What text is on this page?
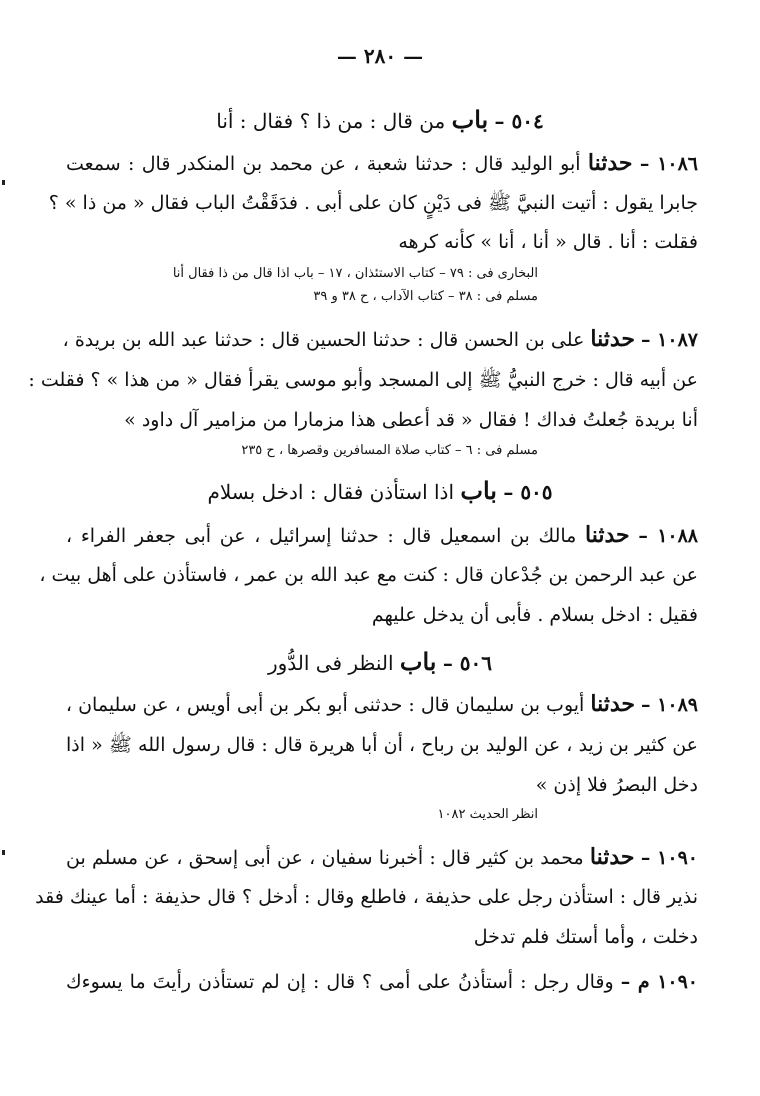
— ٢٨٠ —
٥٠٤ – باب من قال : من ذا ؟ فقال : أنا
١٠٨٦ – حدثنا أبو الوليد قال : حدثنا شعبة ، عن محمد بن المنكدر قال : سمعت
جابرا يقول : أتيت النبيَّ ﷺ فى دَيْنٍ كان على أبى . فدَقَقْتُ الباب فقال « من ذا » ؟
فقلت : أنا . قال « أنا ، أنا » كأنه كرهه
البخارى فى : ٧٩ – كتاب الاستئذان ، ١٧ – باب اذا قال من ذا فقال أنا
مسلم فى : ٣٨ – كتاب الآداب ، ح ٣٨ و ٣٩
١٠٨٧ – حدثنا على بن الحسن قال : حدثنا الحسين قال : حدثنا عبد الله بن بريدة ،
عن أبيه قال : خرج النبيُّ ﷺ إلى المسجد وأبو موسى يقرأ فقال « من هذا » ؟ فقلت :
أنا بريدة جُعلتُ فداك ! فقال « قد أعطى هذا مزمارا من مزامير آل داود »
مسلم فى : ٦ – كتاب صلاة المسافرين وقصرها ، ح ٢٣٥
٥٠٥ – باب اذا استأذن فقال : ادخل بسلام
١٠٨٨ – حدثنا مالك بن اسمعيل قال : حدثنا إسرائيل ، عن أبى جعفر الفراء ،
عن عبد الرحمن بن جُدْعان قال : كنت مع عبد الله بن عمر ، فاستأذن على أهل بيت ،
فقيل : ادخل بسلام . فأبى أن يدخل عليهم
٥٠٦ – باب النظر فى الدُّور
١٠٨٩ – حدثنا أيوب بن سليمان قال : حدثنى أبو بكر بن أبى أويس ، عن سليمان ،
عن كثير بن زيد ، عن الوليد بن رباح ، أن أبا هريرة قال : قال رسول الله ﷺ « اذا
دخل البصرُ فلا إذن »
انظر الحديث ١٠٨٢
١٠٩٠ – حدثنا محمد بن كثير قال : أخبرنا سفيان ، عن أبى إسحق ، عن مسلم بن
نذير قال : استأذن رجل على حذيفة ، فاطلع وقال : أدخل ؟ قال حذيفة : أما عينك فقد
دخلت ، وأما أستك فلم تدخل
١٠٩٠ م – وقال رجل : أستأذنُ على أمى ؟ قال : إن لم تستأذن رأيتَ ما يسوءك
